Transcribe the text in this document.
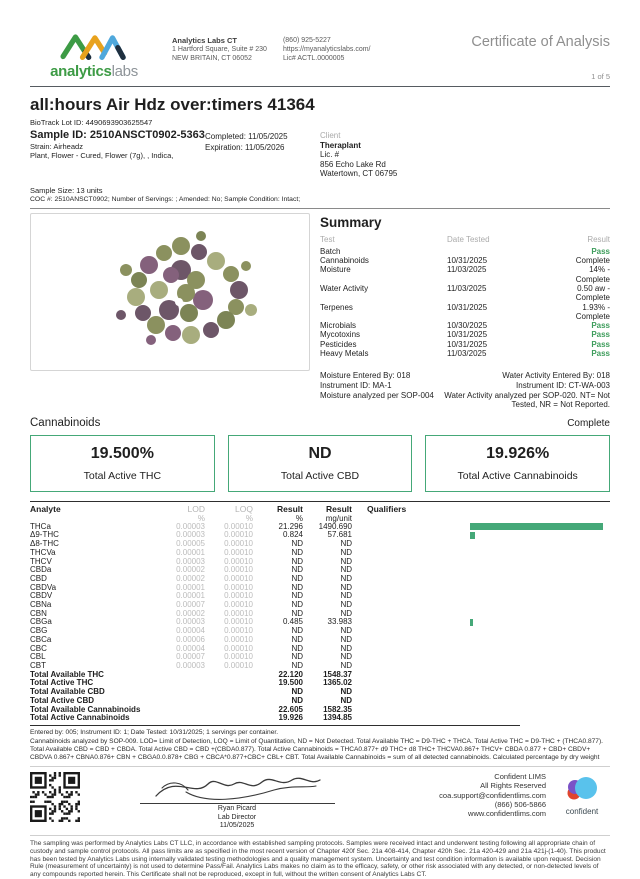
analyticslabs
Analytics Labs CT
1 Hartford Square, Suite # 230
NEW BRITAIN, CT 06052
(860) 925-5227
https://myanalyticslabs.com/
Lic# ACTL.0000005
Certificate of Analysis
1 of 5
all:hours Air Hdz over:timers 41364
BioTrack Lot ID: 4490693903625547
Sample ID: 2510ANSCT0902-5363
Strain: Airheadz
Plant, Flower - Cured, Flower (7g), , Indica,
Completed: 11/05/2025
Expiration: 11/05/2026
Client
Theraplant
Lic. #
856 Echo Lake Rd
Watertown, CT 06795
Sample Size: 13 units
COC #: 2510ANSCT0902; Number of Servings: ; Amended: No; Sample Condition: Intact;
Summary
Test	Date Tested	Result
Batch	Pass
Cannabinoids	10/31/2025	Complete
Moisture	11/03/2025	14% - Complete
Water Activity	11/03/2025	0.50 aw - Complete
Terpenes	10/31/2025	1.93% - Complete
Microbials	10/30/2025	Pass
Mycotoxins	10/31/2025	Pass
Pesticides	10/31/2025	Pass
Heavy Metals	11/03/2025	Pass
Moisture Entered By: 018
Instrument ID: MA-1
Moisture analyzed per SOP-004
Water Activity Entered By: 018
Instrument ID: CT-WA-003
Water Activity analyzed per SOP-020. NT= Not
Tested, NR = Not Reported.
Cannabinoids	Complete
19.500%
Total Active THC
ND
Total Active CBD
19.926%
Total Active Cannabinoids
Analyte	LOD	LOQ	Result	Result	Qualifiers
%	%	%	mg/unit
THCa	0.00003	0.00010	21.296	1490.690
Δ9-THC	0.00003	0.00010	0.824	57.681
Δ8-THC	0.00005	0.00010	ND	ND
THCVa	0.00001	0.00010	ND	ND
THCV	0.00003	0.00010	ND	ND
CBDa	0.00002	0.00010	ND	ND
CBD	0.00002	0.00010	ND	ND
CBDVa	0.00001	0.00010	ND	ND
CBDV	0.00001	0.00010	ND	ND
CBNa	0.00007	0.00010	ND	ND
CBN	0.00002	0.00010	ND	ND
CBGa	0.00003	0.00010	0.485	33.983
CBG	0.00004	0.00010	ND	ND
CBCa	0.00006	0.00010	ND	ND
CBC	0.00004	0.00010	ND	ND
CBL	0.00007	0.00010	ND	ND
CBT	0.00003	0.00010	ND	ND
Total Available THC	22.120	1548.37
Total Active THC	19.500	1365.02
Total Available CBD	ND	ND
Total Active CBD	ND	ND
Total Available Cannabinoids	22.605	1582.35
Total Active Cannabinoids	19.926	1394.85
Entered by: 005; Instrument ID: 1; Date Tested: 10/31/2025; 1 servings per container.
Cannabinoids analyzed by SOP-009. LOD= Limit of Detection, LOQ = Limit of Quantitation, ND = Not Detected. Total Available THC = D9-THC + THCA. Total Active THC = D9-THC + (THCA0.877). Total Available CBD = CBD + CBDA. Total Active CBD = CBD +(CBDA0.877). Total Active Cannabinoids = THCA0.877+ d9 THC+ d8 THC+ THCVA0.867+ THCV+ CBDA 0.877 + CBD+ CBDV+ CBDVA 0.867+ CBNA0.876+ CBN + CBGA0.0.878+ CBG + CBCA*0.877+CBC+ CBL+ CBT. Total Available Cannabinoids = sum of all detected cannabinoids. Calculated percentage by dry weight
Ryan Picard
Lab Director
11/05/2025
Confident LIMS
All Rights Reserved
coa.support@confidentlims.com
(866) 506-5866
www.confidentlims.com	confident
The sampling was performed by Analytics Labs CT LLC, in accordance with established sampling protocols. Samples were received intact and underwent testing following all appropriate chain of custody and sample control protocols. All pass limits are as specified in the most recent version of Chapter 420f Sec. 21a 408-414, Chapter 420h Sec. 21a 420-429 and 21a 421j-(1-40). This product has been tested by Analytics Labs using internally validated testing methodologies and a quality management system. Uncertainty and test condition information is available upon request. Decision Rule (measurement of uncertainty) is not used to determine Pass/Fail. Analytics Labs makes no claim as to the efficacy, safety, or other risk associated with any detected, or non-detected levels of any compounds reported herein. This Certificate shall not be reproduced, except in full, without the written consent of Analytics Labs CT.
